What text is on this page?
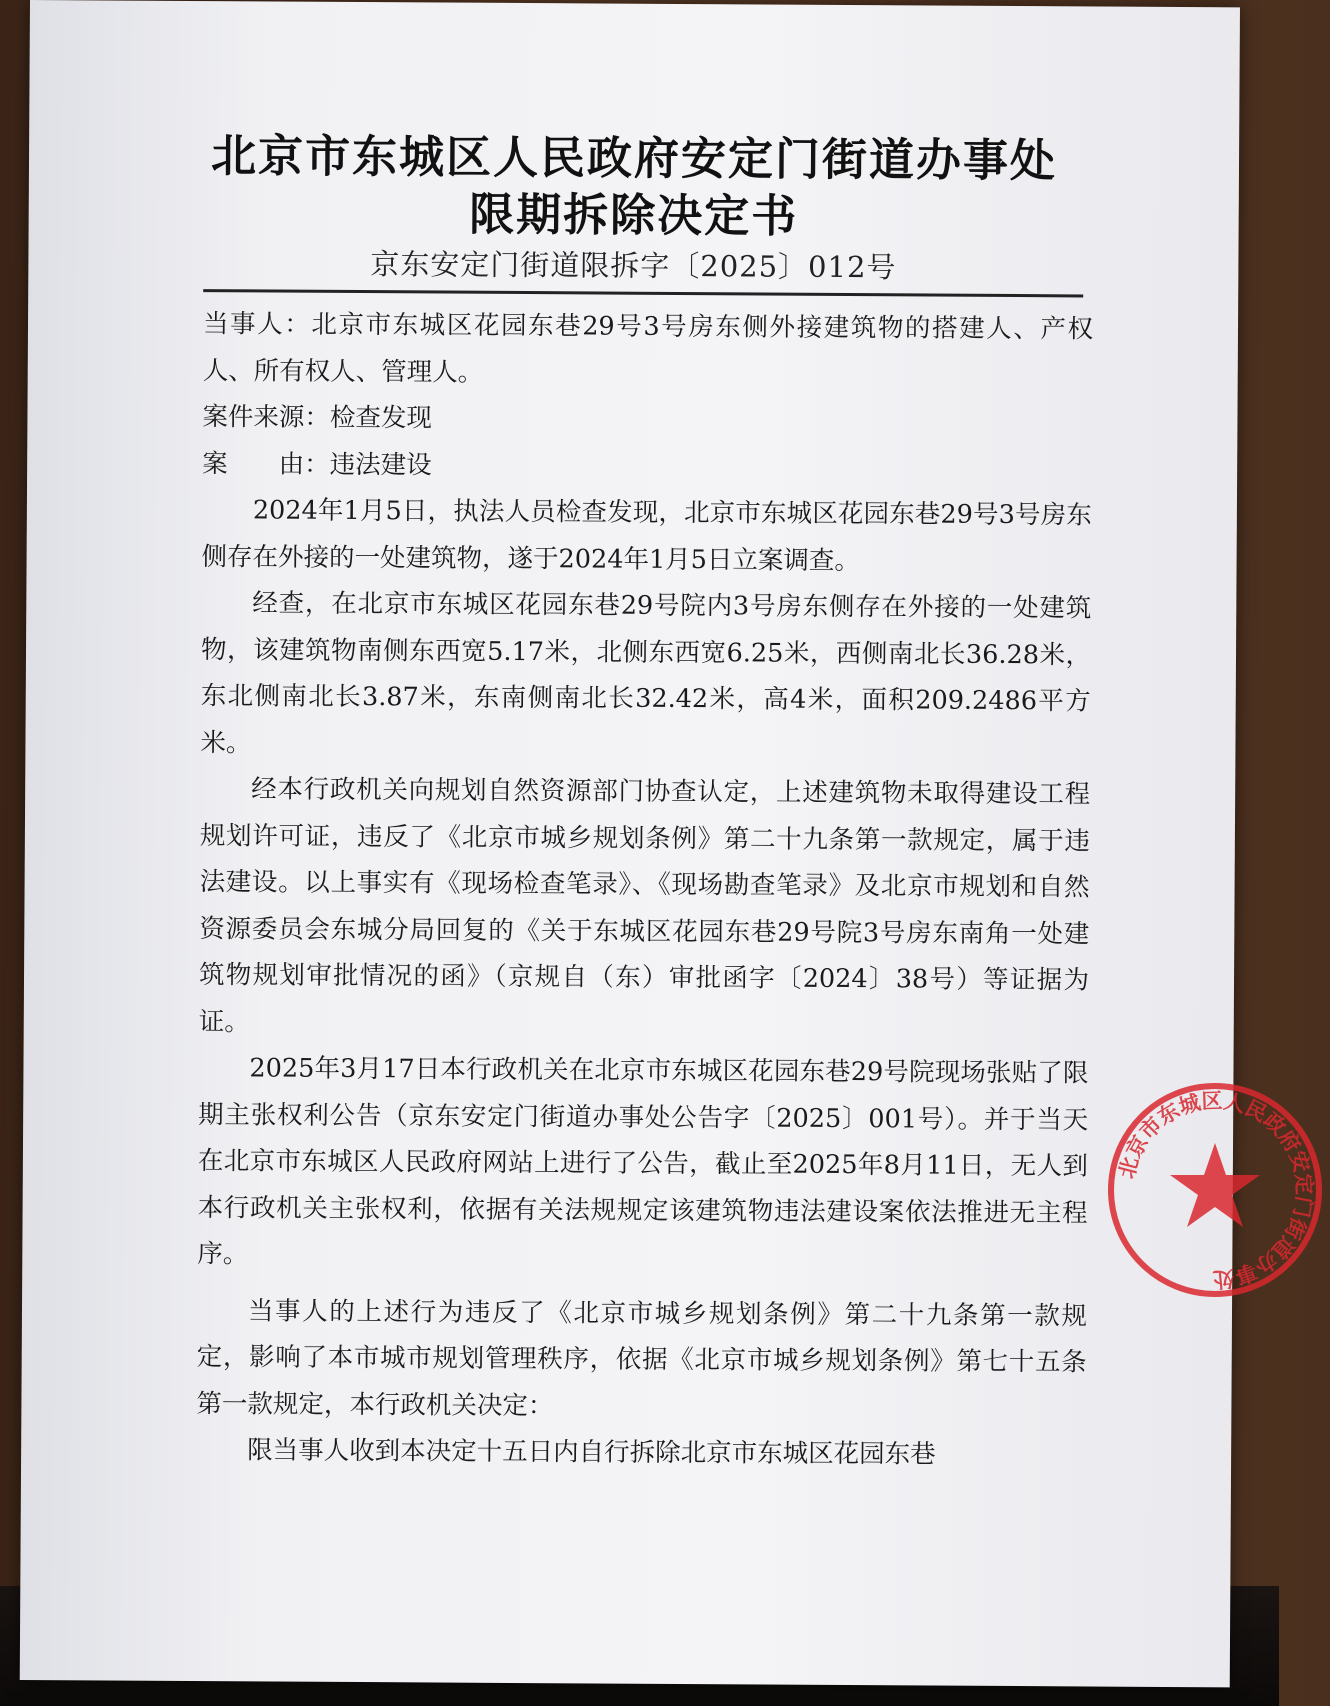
北京市东城区人民政府安定门街道办事处
限期拆除决定书
京东安定门街道限拆字〔2025〕012号

当事人：北京市东城区花园东巷29号3号房东侧外接建筑物的搭建人、产权人、所有权人、管理人。

案件来源：检查发现

案　　由：违法建设

2024年1月5日，执法人员检查发现，北京市东城区花园东巷29号3号房东侧存在外接的一处建筑物，遂于2024年1月5日立案调查。

经查，在北京市东城区花园东巷29号院内3号房东侧存在外接的一处建筑物，该建筑物南侧东西宽5.17米，北侧东西宽6.25米，西侧南北长36.28米，东北侧南北长3.87米，东南侧南北长32.42米，高4米，面积209.2486平方米。

经本行政机关向规划自然资源部门协查认定，上述建筑物未取得建设工程规划许可证，违反了《北京市城乡规划条例》第二十九条第一款规定，属于违法建设。以上事实有《现场检查笔录》、《现场勘查笔录》及北京市规划和自然资源委员会东城分局回复的《关于东城区花园东巷29号院3号房东南角一处建筑物规划审批情况的函》（京规自（东）审批函字〔2024〕38号）等证据为证。

2025年3月17日本行政机关在北京市东城区花园东巷29号院现场张贴了限期主张权利公告（京东安定门街道办事处公告字〔2025〕001号）。并于当天在北京市东城区人民政府网站上进行了公告，截止至2025年8月11日，无人到本行政机关主张权利，依据有关法规规定该建筑物违法建设案依法推进无主程序。

当事人的上述行为违反了《北京市城乡规划条例》第二十九条第一款规定，影响了本市城市规划管理秩序，依据《北京市城乡规划条例》第七十五条第一款规定，本行政机关决定：

限当事人收到本决定十五日内自行拆除北京市东城区花园东巷

北京市东城区人民政府安定门街道办事处
